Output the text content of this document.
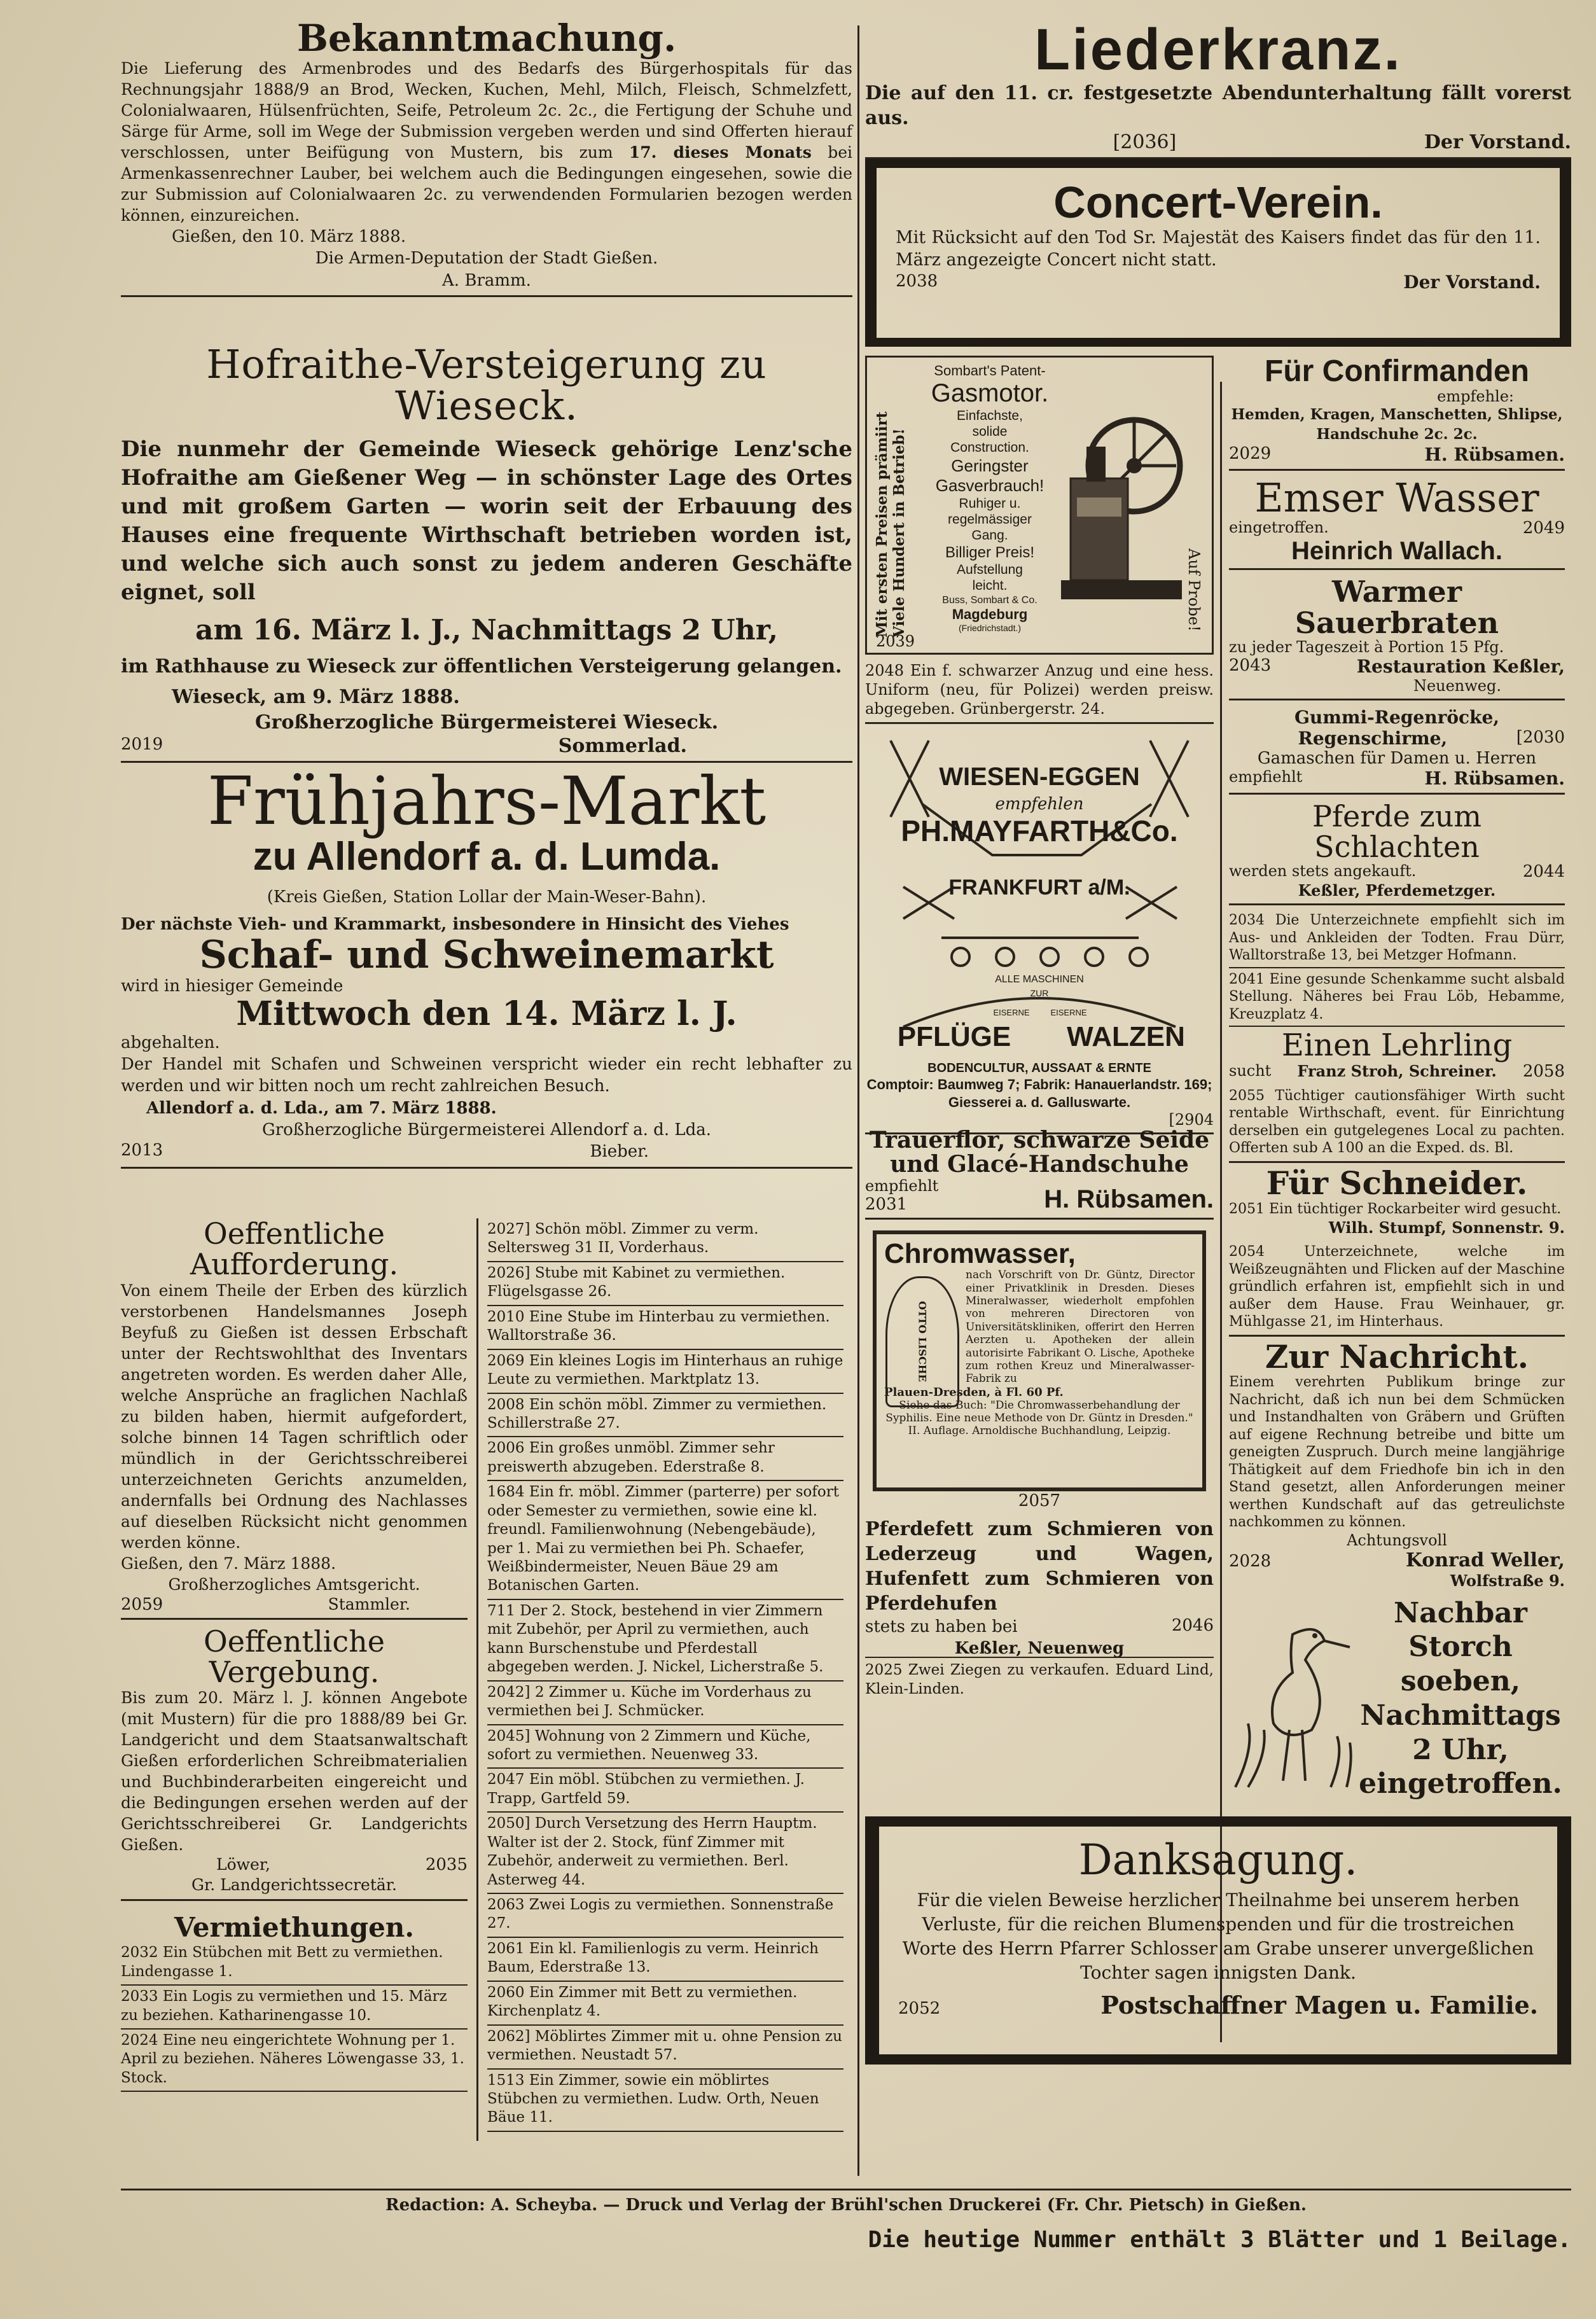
Bekanntmachung.
Die Lieferung des Armenbrodes und des Bedarfs des Bürgerhospitals für das Rechnungsjahr 1888/9 an Brod, Wecken, Kuchen, Mehl, Milch, Fleisch, Schmelzfett, Colonialwaaren, Hülsenfrüchten, Seife, Petroleum 2c. 2c., die Fertigung der Schuhe und Särge für Arme, soll im Wege der Submission vergeben werden und sind Offerten hierauf verschlossen, unter Beifügung von Mustern, bis zum 17. dieses Monats bei Armenkassenrechner Lauber, bei welchem auch die Bedingungen eingesehen, sowie die zur Submission auf Colonialwaaren 2c. zu verwendenden Formularien bezogen werden können, einzureichen.
Gießen, den 10. März 1888.
Die Armen-Deputation der Stadt Gießen.
A. Bramm.
Hofraithe-Versteigerung zu Wieseck.
Die nunmehr der Gemeinde Wieseck gehörige Lenz'sche Hofraithe am Gießener Weg — in schönster Lage des Ortes und mit großem Garten — worin seit der Erbauung des Hauses eine frequente Wirthschaft betrieben worden ist, und welche sich auch sonst zu jedem anderen Geschäfte eignet, soll
am 16. März l. J., Nachmittags 2 Uhr,
im Rathhause zu Wieseck zur öffentlichen Versteigerung gelangen.
Wieseck, am 9. März 1888.
Großherzogliche Bürgermeisterei Wieseck.
2019	Sommerlad.
Frühjahrs-Markt
zu Allendorf a. d. Lumda.
(Kreis Gießen, Station Lollar der Main-Weser-Bahn).
Der nächste Vieh- und Krammarkt, insbesondere in Hinsicht des Viehes
Schaf- und Schweinemarkt
wird in hiesiger Gemeinde
Mittwoch den 14. März l. J.
abgehalten.
Der Handel mit Schafen und Schweinen verspricht wieder ein recht lebhafter zu werden und wir bitten noch um recht zahlreichen Besuch.
Allendorf a. d. Lda., am 7. März 1888.
Großherzogliche Bürgermeisterei Allendorf a. d. Lda.
2013	Bieber.
Oeffentliche Aufforderung.
Von einem Theile der Erben des kürzlich verstorbenen Handelsmannes Joseph Beyfuß zu Gießen ist dessen Erbschaft unter der Rechtswohlthat des Inventars angetreten worden. Es werden daher Alle, welche Ansprüche an fraglichen Nachlaß zu bilden haben, hiermit aufgefordert, solche binnen 14 Tagen schriftlich oder mündlich in der Gerichtsschreiberei unterzeichneten Gerichts anzumelden, andernfalls bei Ordnung des Nachlasses auf dieselben Rücksicht nicht genommen werden könne.
Gießen, den 7. März 1888.
Großherzogliches Amtsgericht.
2059	Stammler.
Oeffentliche Vergebung.
Bis zum 20. März l. J. können Angebote (mit Mustern) für die pro 1888/89 bei Gr. Landgericht und dem Staatsanwaltschaft Gießen erforderlichen Schreibmaterialien und Buchbinderarbeiten eingereicht und die Bedingungen ersehen werden auf der Gerichtsschreiberei Gr. Landgerichts Gießen.
Löwer,	2035
Gr. Landgerichtssecretär.
Vermiethungen.
2032 Ein Stübchen mit Bett zu vermiethen. Lindengasse 1.
2033 Ein Logis zu vermiethen und 15. März zu beziehen. Katharinengasse 10.
2024 Eine neu eingerichtete Wohnung per 1. April zu beziehen. Näheres Löwengasse 33, 1. Stock.
2027] Schön möbl. Zimmer zu verm. Seltersweg 31 II, Vorderhaus.
2026] Stube mit Kabinet zu vermiethen. Flügelsgasse 26.
2010 Eine Stube im Hinterbau zu vermiethen. Walltorstraße 36.
2069 Ein kleines Logis im Hinterhaus an ruhige Leute zu vermiethen. Marktplatz 13.
2008 Ein schön möbl. Zimmer zu vermiethen. Schillerstraße 27.
2006 Ein großes unmöbl. Zimmer sehr preiswerth abzugeben. Ederstraße 8.
1684 Ein fr. möbl. Zimmer (parterre) per sofort oder Semester zu vermiethen, sowie eine kl. freundl. Familienwohnung (Nebengebäude), per 1. Mai zu vermiethen bei Ph. Schaefer, Weißbindermeister, Neuen Bäue 29 am Botanischen Garten.
711 Der 2. Stock, bestehend in vier Zimmern mit Zubehör, per April zu vermiethen, auch kann Burschenstube und Pferdestall abgegeben werden. J. Nickel, Licherstraße 5.
2042] 2 Zimmer u. Küche im Vorderhaus zu vermiethen bei J. Schmücker.
2045] Wohnung von 2 Zimmern und Küche, sofort zu vermiethen. Neuenweg 33.
2047 Ein möbl. Stübchen zu vermiethen. J. Trapp, Gartfeld 59.
2050] Durch Versetzung des Herrn Hauptm. Walter ist der 2. Stock, fünf Zimmer mit Zubehör, anderweit zu vermiethen. Berl. Asterweg 44.
2063 Zwei Logis zu vermiethen. Sonnenstraße 27.
2061 Ein kl. Familienlogis zu verm. Heinrich Baum, Ederstraße 13.
2060 Ein Zimmer mit Bett zu vermiethen. Kirchenplatz 4.
2062] Möblirtes Zimmer mit u. ohne Pension zu vermiethen. Neustadt 57.
1513 Ein Zimmer, sowie ein möblirtes Stübchen zu vermiethen. Ludw. Orth, Neuen Bäue 11.
Liederkranz.
Die auf den 11. cr. festgesetzte Abendunterhaltung fällt vorerst aus.
[2036]	Der Vorstand.
Concert-Verein.
Mit Rücksicht auf den Tod Sr. Majestät des Kaisers findet das für den 11. März angezeigte Concert nicht statt.
2038	Der Vorstand.
Mit ersten Preisen prämiirt Viele Hundert in Betrieb!	Auf Probe!
Sombart's Patent-
Gasmotor.
Einfachste,
solide
Construction.
Geringster
Gasverbrauch!
Ruhiger u.
regelmässiger
Gang.
Billiger Preis!
Aufstellung
leicht.
Buss, Sombart & Co.
Magdeburg
(Friedrichstadt.)
2039
2048 Ein f. schwarzer Anzug und eine hess. Uniform (neu, für Polizei) werden preisw. abgegeben. Grünbergerstr. 24.
WIESEN-EGGEN
empfehlen
PH.MAYFARTH&Co.
FRANKFURT a/M.
ALLE MASCHINEN
ZUR
EISERNE	EISERNE
PFLÜGE WALZEN
BODENCULTUR, AUSSAAT & ERNTE
Comptoir: Baumweg 7; Fabrik: Hanauerlandstr. 169; Giesserei a. d. Galluswarte.
[2904
Trauerflor, schwarze Seide und Glacé-Handschuhe
empfiehlt
2031	H. Rübsamen.
Chromwasser,
OTTO LISCHE
nach Vorschrift von Dr. Güntz, Director einer Privatklinik in Dresden. Dieses Mineralwasser, wiederholt empfohlen von mehreren Directoren von Universitätskliniken, offerirt den Herren Aerzten u. Apotheken der allein autorisirte Fabrikant O. Lische, Apotheke zum rothen Kreuz und Mineralwasser-Fabrik zu
Plauen-Dresden, à Fl. 60 Pf.
Siehe das Buch: "Die Chromwasserbehandlung der Syphilis. Eine neue Methode von Dr. Güntz in Dresden." II. Auflage. Arnoldische Buchhandlung, Leipzig.
2057
Pferdefett zum Schmieren von Lederzeug und Wagen, Hufenfett zum Schmieren von Pferdehufen
stets zu haben bei	2046
Keßler, Neuenweg
2025 Zwei Ziegen zu verkaufen. Eduard Lind, Klein-Linden.
Für Confirmanden
empfehle:
Hemden, Kragen, Manschetten, Shlipse, Handschuhe 2c. 2c.
2029	H. Rübsamen.
Emser Wasser
eingetroffen.	2049
Heinrich Wallach.
Warmer Sauerbraten
zu jeder Tageszeit à Portion 15 Pfg.
2043	Restauration Keßler,
Neuenweg.
Gummi-Regenröcke,
Regenschirme,	[2030
Gamaschen für Damen u. Herren
empfiehlt	H. Rübsamen.
Pferde zum Schlachten
werden stets angekauft.	2044
Keßler, Pferdemetzger.
2034 Die Unterzeichnete empfiehlt sich im Aus- und Ankleiden der Todten. Frau Dürr, Walltorstraße 13, bei Metzger Hofmann.
2041 Eine gesunde Schenkamme sucht alsbald Stellung. Näheres bei Frau Löb, Hebamme, Kreuzplatz 4.
Einen Lehrling
sucht Franz Stroh, Schreiner. 2058
2055 Tüchtiger cautionsfähiger Wirth sucht rentable Wirthschaft, event. für Einrichtung derselben ein gutgelegenes Local zu pachten. Offerten sub A 100 an die Exped. ds. Bl.
Für Schneider.
2051 Ein tüchtiger Rockarbeiter wird gesucht.
Wilh. Stumpf, Sonnenstr. 9.
2054 Unterzeichnete, welche im Weißzeugnähten und Flicken auf der Maschine gründlich erfahren ist, empfiehlt sich in und außer dem Hause. Frau Weinhauer, gr. Mühlgasse 21, im Hinterhaus.
Zur Nachricht.
Einem verehrten Publikum bringe zur Nachricht, daß ich nun bei dem Schmücken und Instandhalten von Gräbern und Grüften auf eigene Rechnung betreibe und bitte um geneigten Zuspruch. Durch meine langjährige Thätigkeit auf dem Friedhofe bin ich in den Stand gesetzt, allen Anforderungen meiner werthen Kundschaft auf das getreulichste nachkommen zu können.
Achtungsvoll
2028	Konrad Weller,
Wolfstraße 9.
Nachbar
Storch soeben,
Nachmittags
2 Uhr,
eingetroffen.
Danksagung.
Für die vielen Beweise herzlicher Theilnahme bei unserem herben Verluste, für die reichen Blumenspenden und für die trostreichen Worte des Herrn Pfarrer Schlosser am Grabe unserer unvergeßlichen Tochter sagen innigsten Dank.
2052	Postschaffner Magen u. Familie.
Redaction: A. Scheyba. — Druck und Verlag der Brühl'schen Druckerei (Fr. Chr. Pietsch) in Gießen.
Die heutige Nummer enthält 3 Blätter und 1 Beilage.
